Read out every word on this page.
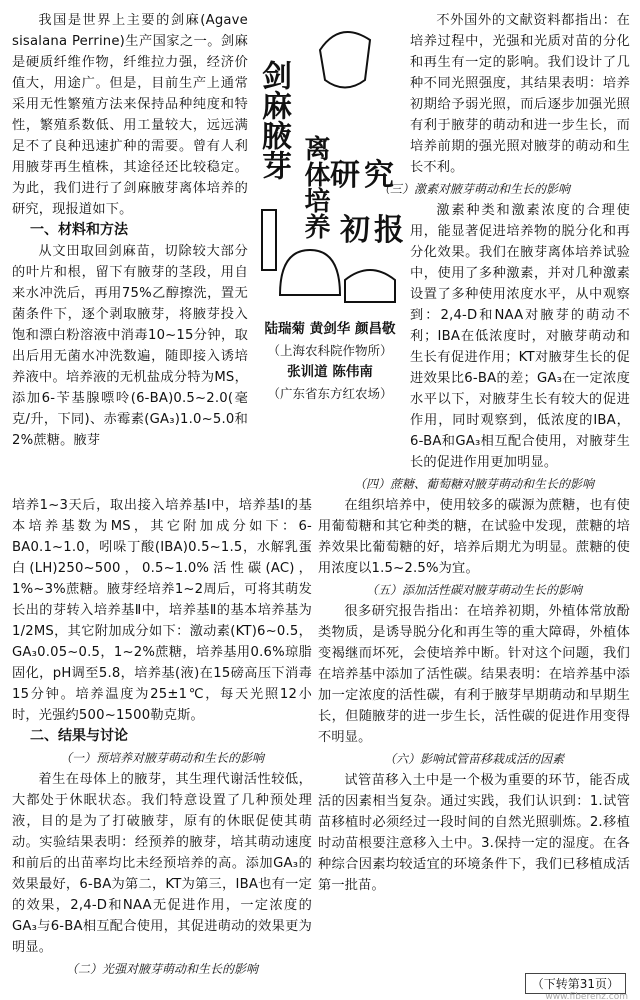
我国是世界上主要的剑麻(Agave sisalana Perrine)生产国家之一。剑麻是硬质纤维作物，纤维拉力强，经济价值大，用途广。但是，目前生产上通常采用无性繁殖方法来保持品种纯度和特性，繁殖系数低、用工量较大，远远满足不了良种迅速扩种的需要。曾有人利用腋芽再生植株，其途径还比较稳定。为此，我们进行了剑麻腋芽离体培养的研究，现报道如下。

一、材料和方法

从文田取回剑麻苗，切除较大部分的叶片和根，留下有腋芽的茎段，用自来水冲洗后，再用75%乙醇擦洗，置无菌条件下，逐个剥取腋芽，将腋芽投入饱和漂白粉溶液中消毒10~15分钟，取出后用无菌水冲洗数遍，随即接入诱培养液中。培养液的无机盐成分特为MS，添加6-苄基腺嘌呤(6-BA)0.5~2.0(毫克/升，下同)、赤霉素(GA₃)1.0~5.0和2%蔗糖。腋芽

剑麻腋芽
离体培养 研究
初报

陆瑞菊 黄剑华 颜昌敬

（上海农科院作物所）

张训道 陈伟南

（广东省东方红农场）

不外国外的文献资料都指出：在培养过程中，光强和光质对苗的分化和再生有一定的影响。我们设计了几种不同光照强度，其结果表明：培养初期给予弱光照，而后逐步加强光照有利于腋芽的萌动和进一步生长，而培养前期的强光照对腋芽的萌动和生长不利。

（三）激素对腋芽萌动和生长的影响

激素种类和激素浓度的合理使用，能显著促进培养物的脱分化和再分化效果。我们在腋芽离体培养试验中，使用了多种激素，并对几种激素设置了多种使用浓度水平，从中观察到：2,4-D和NAA对腋芽的萌动不利；IBA在低浓度时，对腋芽萌动和生长有促进作用；KT对腋芽生长的促进效果比6-BA的差；GA₃在一定浓度水平以下，对腋芽生长有较大的促进作用，同时观察到，低浓度的IBA，6-BA和GA₃相互配合使用，对腋芽生长的促进作用更加明显。

（四）蔗糖、葡萄糖对腋芽萌动和生长的影响

在组织培养中，使用较多的碳源为蔗糖，也有使用葡萄糖和其它种类的糖，在试验中发现，蔗糖的培养效果比葡萄糖的好，培养后期尤为明显。蔗糖的使用浓度以1.5~2.5%为宜。

（五）添加活性碳对腋芽萌动生长的影响

很多研究报告指出：在培养初期，外植体常放酚类物质，是诱导脱分化和再生等的重大障碍，外植体变褐继而坏死，会使培养中断。针对这个问题，我们在培养基中添加了活性碳。结果表明：在培养基中添加一定浓度的活性碳，有利于腋芽早期萌动和早期生长，但随腋芽的进一步生长，活性碳的促进作用变得不明显。

（六）影响试管苗移栽成活的因素

试管苗移入土中是一个极为重要的环节，能否成活的因素相当复杂。通过实践，我们认识到：1.试管苗移植时必须经过一段时间的自然光照驯炼。2.移植时动苗根要注意移入土中。3.保持一定的湿度。在各种综合因素均较适宜的环境条件下，我们已移植成活第一批苗。

培养1~3天后，取出接入培养基Ⅰ中，培养基Ⅰ的基本培养基数为MS，其它附加成分如下：6-BA0.1~1.0，吲哚丁酸(IBA)0.5~1.5，水解乳蛋白(LH)250~500，0.5~1.0%活性碳(AC)，1%~3%蔗糖。腋芽经培养1~2周后，可将其萌发长出的芽转入培养基Ⅱ中，培养基Ⅱ的基本培养基为1/2MS，其它附加成分如下：激动素(KT)6~0.5，GA₃0.05~0.5，1~2%蔗糖，培养基用0.6%琼脂固化，pH调至5.8，培养基(液)在15磅高压下消毒15分钟。培养温度为25±1℃，每天光照12小时，光强约500~1500勒克斯。

二、结果与讨论

（一）预培养对腋芽萌动和生长的影响

着生在母体上的腋芽，其生理代谢活性较低，大都处于休眠状态。我们特意设置了几种预处理液，目的是为了打破腋芽，原有的休眠促使其萌动。实验结果表明：经预养的腋芽，培其萌动速度和前后的出苗率均比未经预培养的高。添加GA₃的效果最好，6-BA为第二，KT为第三，IBA也有一定的效果，2,4-D和NAA无促进作用，一定浓度的GA₃与6-BA相互配合使用，其促进萌动的效果更为明显。

（二）光强对腋芽萌动和生长的影响

（下转第31页）
www.fiberenz.com
